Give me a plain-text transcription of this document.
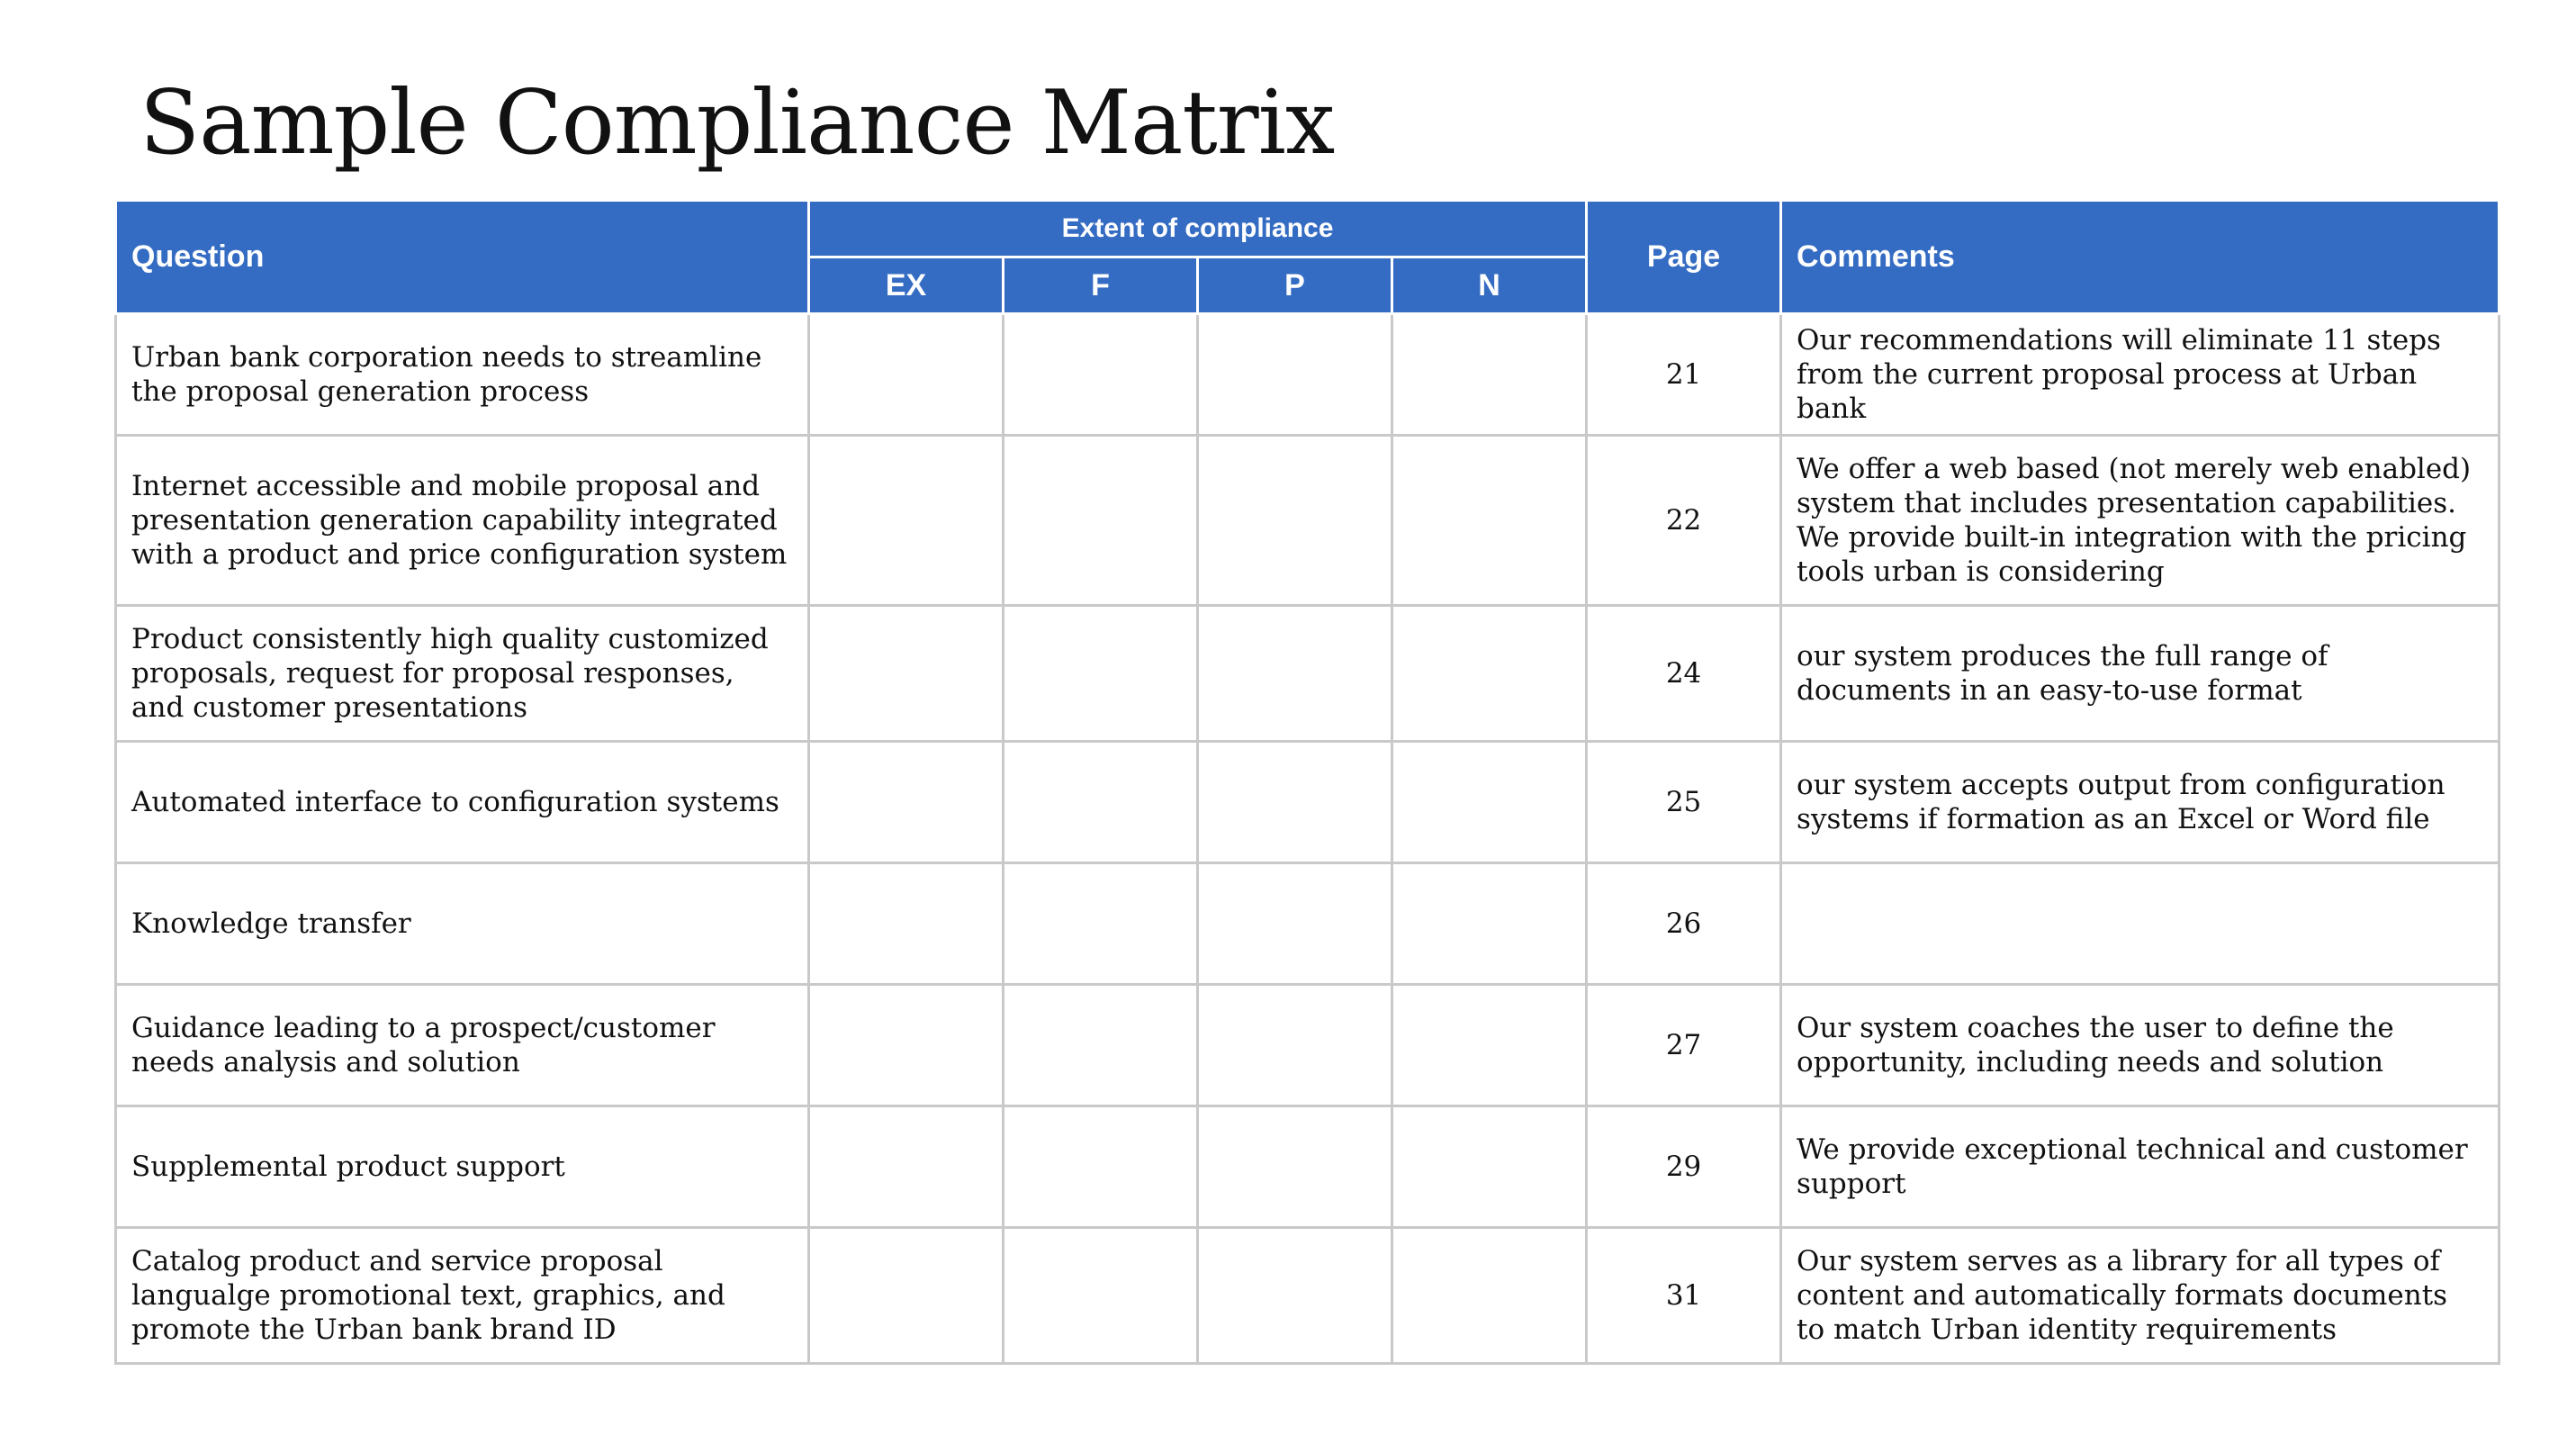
Sample Compliance Matrix
Question	Extent of compliance				Page	Comments
	EX	F	P	N		
Urban bank corporation needs to streamline the proposal generation process					21	Our recommendations will eliminate 11 steps from the current proposal process at Urban bank
Internet accessible and mobile proposal and presentation generation capability integrated with a product and price configuration system					22	We offer a web based (not merely web enabled) system that includes presentation capabilities. We provide built-in integration with the pricing tools urban is considering
Product consistently high quality customized proposals, request for proposal responses, and customer presentations					24	our system produces the full range of documents in an easy-to-use format
Automated interface to configuration systems					25	our system accepts output from configuration systems if formation as an Excel or Word file
Knowledge transfer					26	
Guidance leading to a prospect/customer needs analysis and solution					27	Our system coaches the user to define the opportunity, including needs and solution
Supplemental product support					29	We provide exceptional technical and customer support
Catalog product and service proposal langualge promotional text, graphics, and promote the Urban bank brand ID					31	Our system serves as a library for all types of content and automatically formats documents to match Urban identity requirements
